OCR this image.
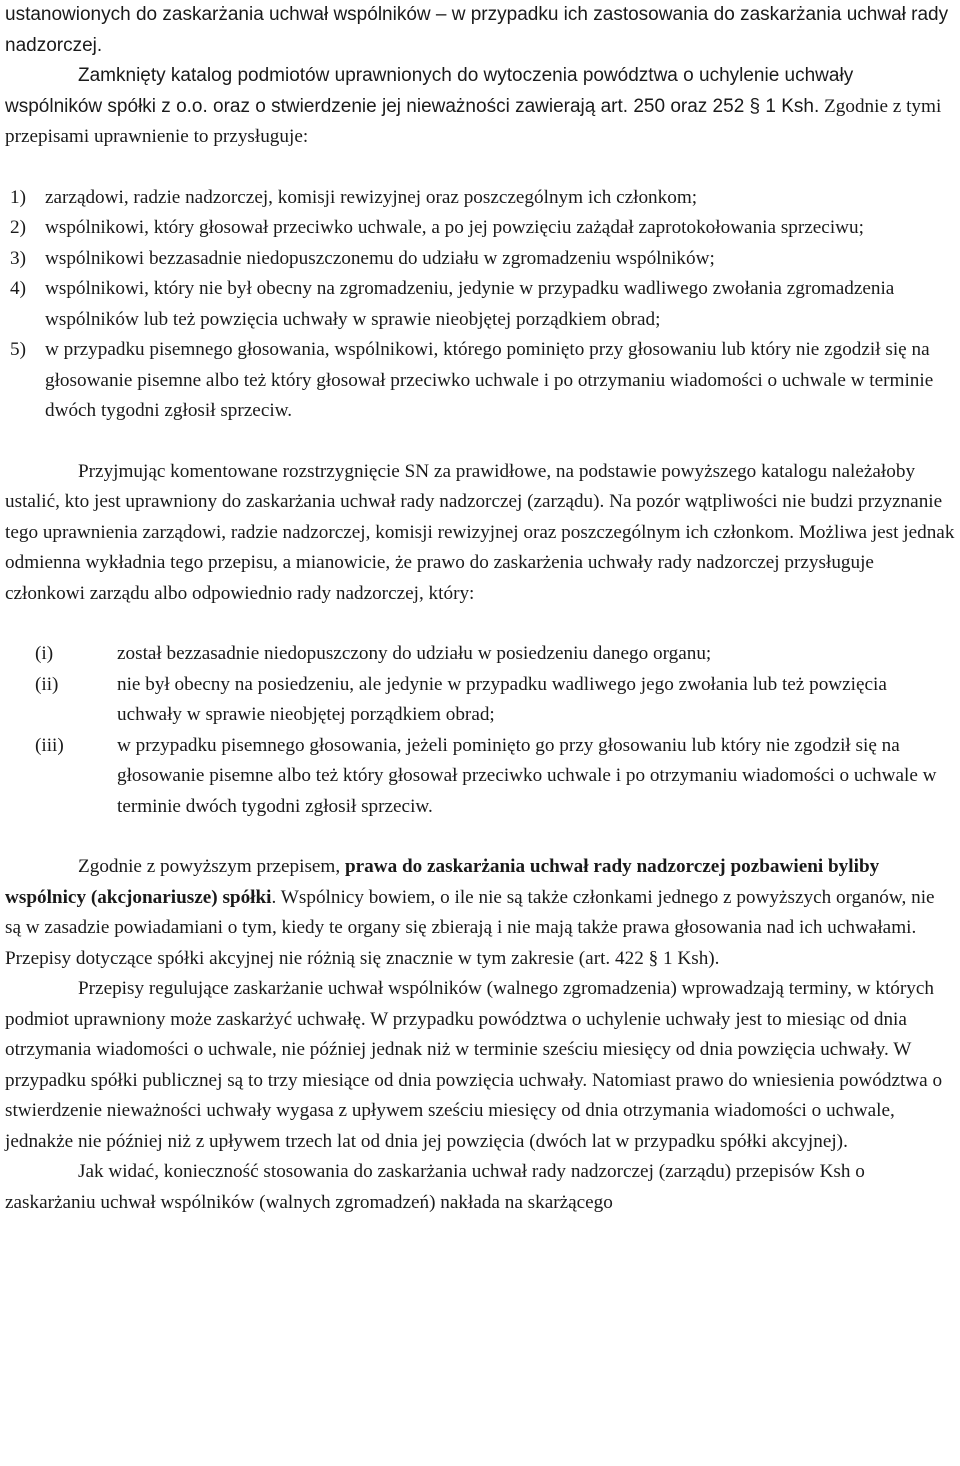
ustanowionych do zaskarżania uchwał wspólników – w przypadku ich zastosowania do zaskarżania uchwał rady nadzorczej.

Zamknięty katalog podmiotów uprawnionych do wytoczenia powództwa o uchylenie uchwały wspólników spółki z o.o. oraz o stwierdzenie jej nieważności zawierają art. 250 oraz 252 § 1 Ksh. Zgodnie z tymi przepisami uprawnienie to przysługuje:

1) zarządowi, radzie nadzorczej, komisji rewizyjnej oraz poszczególnym ich członkom;
2) wspólnikowi, który głosował przeciwko uchwale, a po jej powzięciu zażądał zaprotokołowania sprzeciwu;
3) wspólnikowi bezzasadnie niedopuszczonemu do udziału w zgromadzeniu wspólników;
4) wspólnikowi, który nie był obecny na zgromadzeniu, jedynie w przypadku wadliwego zwołania zgromadzenia wspólników lub też powzięcia uchwały w sprawie nieobjętej porządkiem obrad;
5) w przypadku pisemnego głosowania, wspólnikowi, którego pominięto przy głosowaniu lub który nie zgodził się na głosowanie pisemne albo też który głosował przeciwko uchwale i po otrzymaniu wiadomości o uchwale w terminie dwóch tygodni zgłosił sprzeciw.

Przyjmując komentowane rozstrzygnięcie SN za prawidłowe, na podstawie powyższego katalogu należałoby ustalić, kto jest uprawniony do zaskarżania uchwał rady nadzorczej (zarządu). Na pozór wątpliwości nie budzi przyznanie tego uprawnienia zarządowi, radzie nadzorczej, komisji rewizyjnej oraz poszczególnym ich członkom. Możliwa jest jednak odmienna wykładnia tego przepisu, a mianowicie, że prawo do zaskarżenia uchwały rady nadzorczej przysługuje członkowi zarządu albo odpowiednio rady nadzorczej, który:

(i)	został bezzasadnie niedopuszczony do udziału w posiedzeniu danego organu;
(ii)	nie był obecny na posiedzeniu, ale jedynie w przypadku wadliwego jego zwołania lub też powzięcia uchwały w sprawie nieobjętej porządkiem obrad;
(iii)	w przypadku pisemnego głosowania, jeżeli pominięto go przy głosowaniu lub który nie zgodził się na głosowanie pisemne albo też który głosował przeciwko uchwale i po otrzymaniu wiadomości o uchwale w terminie dwóch tygodni zgłosił sprzeciw.

Zgodnie z powyższym przepisem, prawa do zaskarżania uchwał rady nadzorczej pozbawieni byliby wspólnicy (akcjonariusze) spółki. Wspólnicy bowiem, o ile nie są także członkami jednego z powyższych organów, nie są w zasadzie powiadamiani o tym, kiedy te organy się zbierają i nie mają także prawa głosowania nad ich uchwałami. Przepisy dotyczące spółki akcyjnej nie różnią się znacznie w tym zakresie (art. 422 § 1 Ksh).

Przepisy regulujące zaskarżanie uchwał wspólników (walnego zgromadzenia) wprowadzają terminy, w których podmiot uprawniony może zaskarżyć uchwałę. W przypadku powództwa o uchylenie uchwały jest to miesiąc od dnia otrzymania wiadomości o uchwale, nie później jednak niż w terminie sześciu miesięcy od dnia powzięcia uchwały. W przypadku spółki publicznej są to trzy miesiące od dnia powzięcia uchwały. Natomiast prawo do wniesienia powództwa o stwierdzenie nieważności uchwały wygasa z upływem sześciu miesięcy od dnia otrzymania wiadomości o uchwale, jednakże nie później niż z upływem trzech lat od dnia jej powzięcia (dwóch lat w przypadku spółki akcyjnej).

Jak widać, konieczność stosowania do zaskarżania uchwał rady nadzorczej (zarządu) przepisów Ksh o zaskarżaniu uchwał wspólników (walnych zgromadzeń) nakłada na skarżącego
